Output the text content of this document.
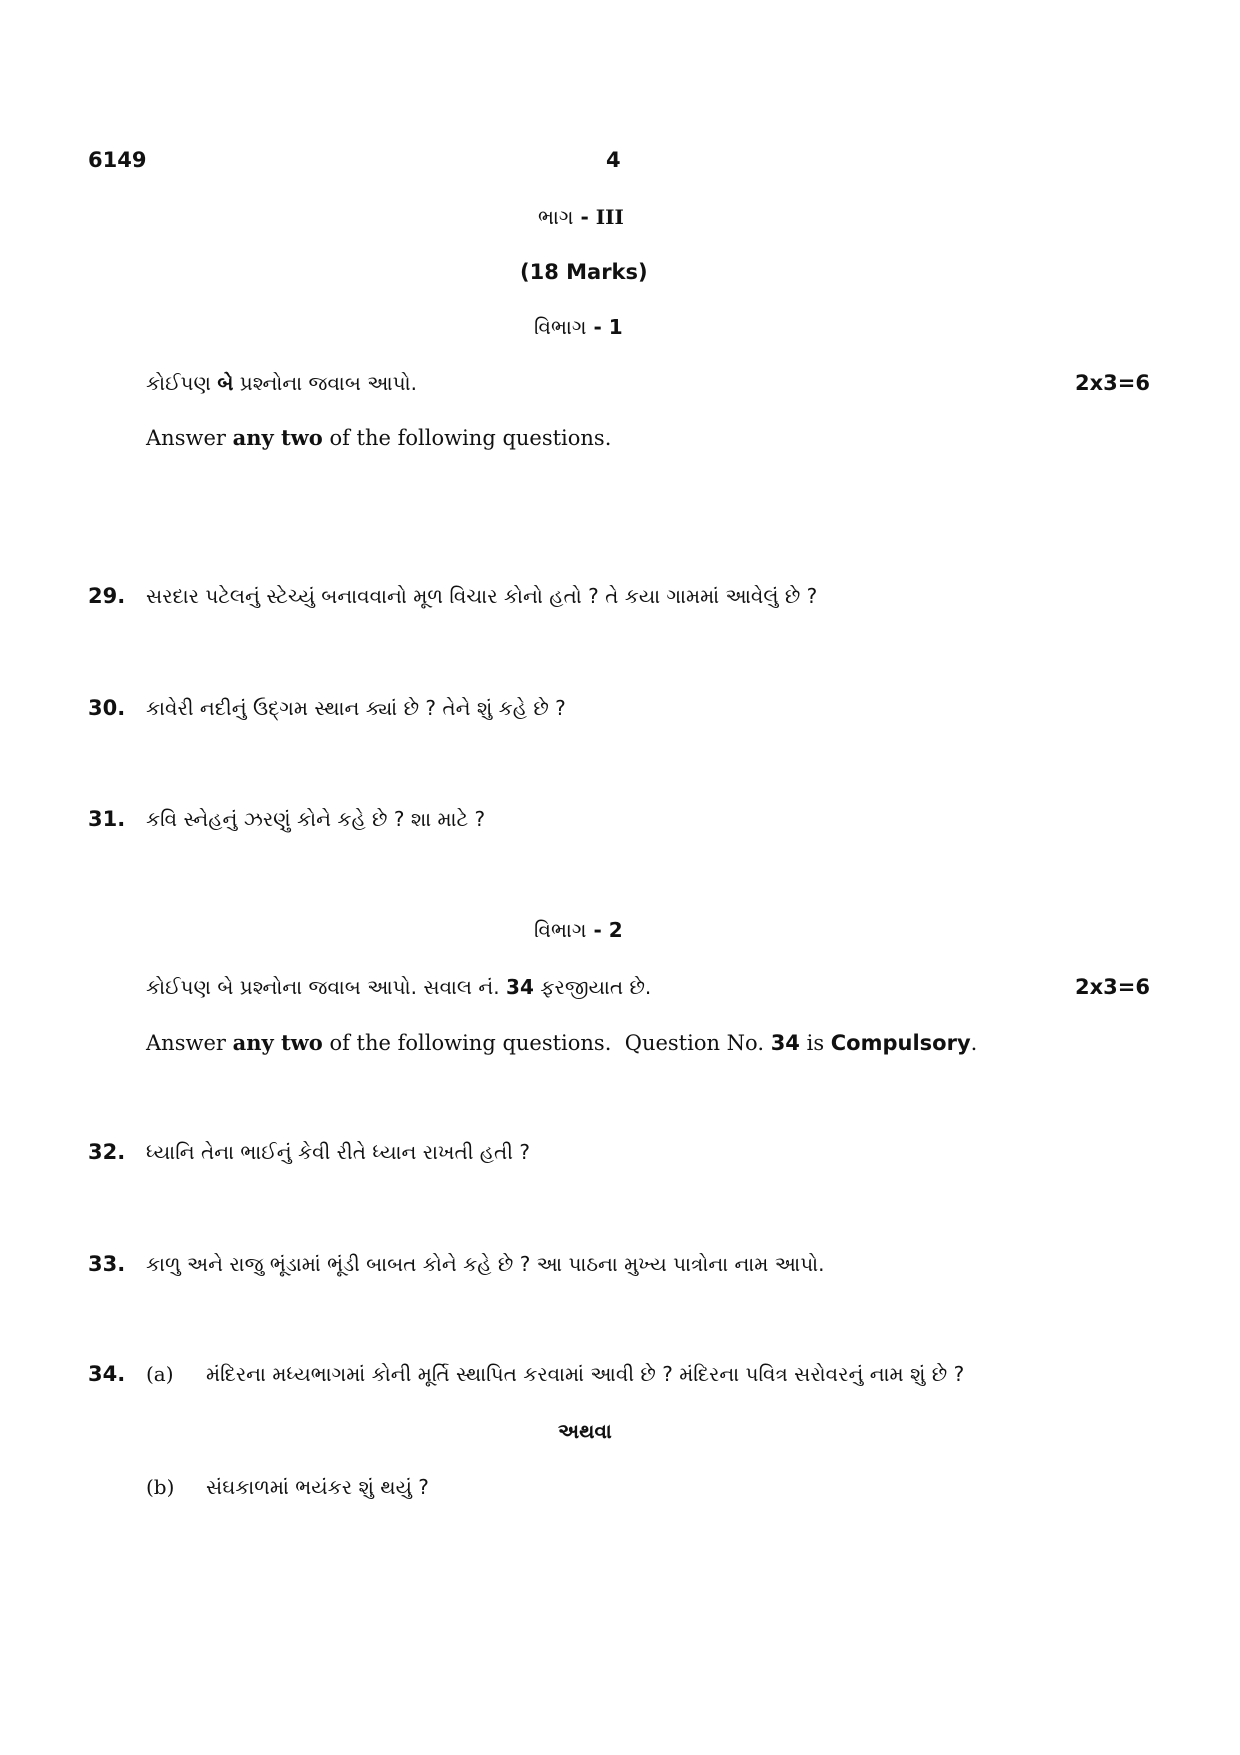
6149	4
ભાગ - III
(18 Marks)
વિભાગ - 1
કોઈપણ બે પ્રશ્નોના જવાબ આપો.	2x3=6
Answer any two of the following questions.
29. સરદાર પટેલનું સ્ટેચ્યું બનાવવાનો મૂળ વિચાર કોનો હતો ? તે કયા ગામમાં આવેલું છે ?
30. કાવેરી નદીનું ઉદ્‌ગમ સ્થાન ક્યાં છે ? તેને શું કહે છે ?
31. કવિ સ્નેહનું ઝરણું કોને કહે છે ? શા માટે ?
વિભાગ - 2
કોઈપણ બે પ્રશ્નોના જવાબ આપો. સવાલ નં. 34 ફરજીયાત છે.	2x3=6
Answer any two of the following questions.  Question No. 34 is Compulsory.
32. ધ્યાનિ તેના ભાઈનું કેવી રીતે ધ્યાન રાખતી હતી ?
33. કાળુ અને રાજુ ભૂંડામાં ભૂંડી બાબત કોને કહે છે ? આ પાઠના મુખ્ય પાત્રોના નામ આપો.
34. (a) મંદિરના મધ્યભાગમાં કોની મૂર્તિ સ્થાપિત કરવામાં આવી છે ? મંદિરના પવિત્ર સરોવરનું નામ શું છે ?
અથવા
(b) સંઘકાળમાં ભયંકર શું થયું ?
